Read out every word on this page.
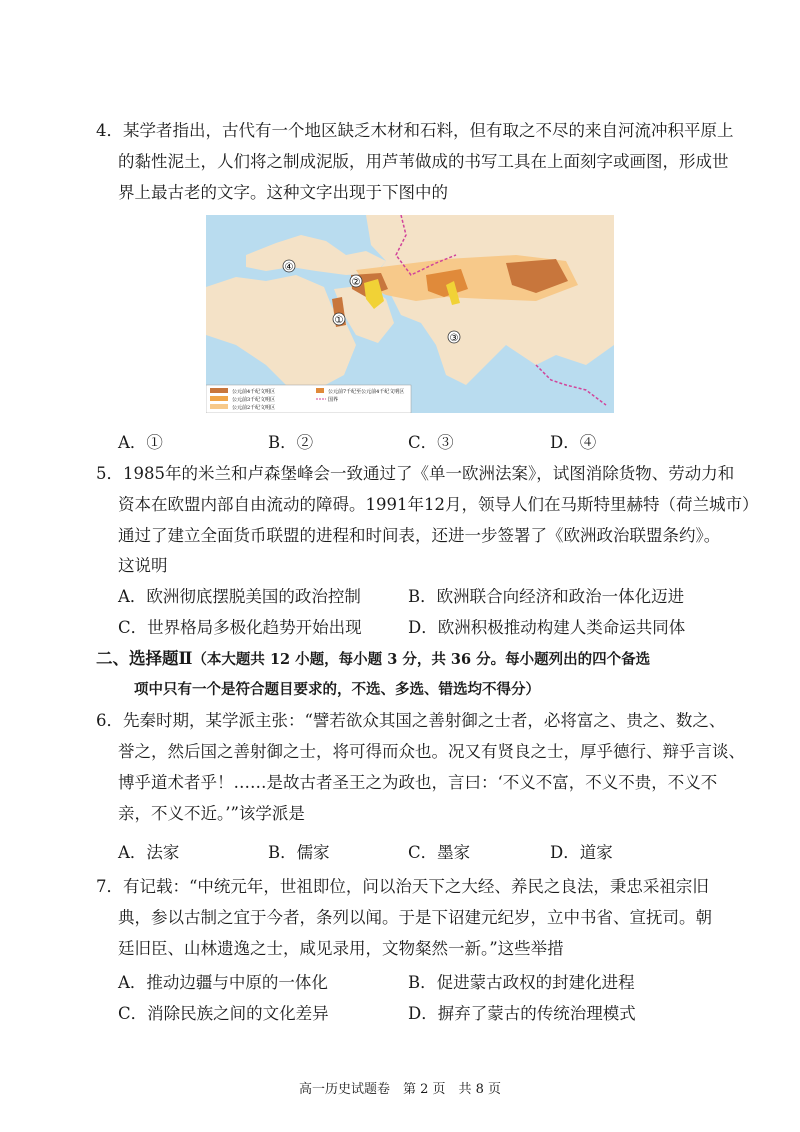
4．某学者指出，古代有一个地区缺乏木材和石料，但有取之不尽的来自河流冲积平原上
的黏性泥土，人们将之制成泥版，用芦苇做成的书写工具在上面刻字或画图，形成世
界上最古老的文字。这种文字出现于下图中的
①
②
③
④
公元前4千纪文明区	公元前7千纪至公元前4千纪文明区
公元前3千纪文明区	国界
公元前2千纪文明区
A．①	B．②	C．③	D．④
5．1985年的米兰和卢森堡峰会一致通过了《单一欧洲法案》，试图消除货物、劳动力和
资本在欧盟内部自由流动的障碍。1991年12月，领导人们在马斯特里赫特（荷兰城市）
通过了建立全面货币联盟的进程和时间表，还进一步签署了《欧洲政治联盟条约》。
这说明
A．欧洲彻底摆脱美国的政治控制	B．欧洲联合向经济和政治一体化迈进
C．世界格局多极化趋势开始出现	D．欧洲积极推动构建人类命运共同体
二、选择题Ⅱ（本大题共 12 小题，每小题 3 分，共 36 分。每小题列出的四个备选
项中只有一个是符合题目要求的，不选、多选、错选均不得分）
6．先秦时期，某学派主张：“譬若欲众其国之善射御之士者，必将富之、贵之、数之、
誉之，然后国之善射御之士，将可得而众也。况又有贤良之士，厚乎德行、辩乎言谈、
博乎道术者乎！……是故古者圣王之为政也，言曰：‘不义不富，不义不贵，不义不
亲，不义不近。’”该学派是
A．法家	B．儒家	C．墨家	D．道家
7．有记载：“中统元年，世祖即位，问以治天下之大经、养民之良法，秉忠采祖宗旧
典，参以古制之宜于今者，条列以闻。于是下诏建元纪岁，立中书省、宣抚司。朝
廷旧臣、山林遗逸之士，咸见录用，文物粲然一新。”这些举措
A．推动边疆与中原的一体化	B．促进蒙古政权的封建化进程
C．消除民族之间的文化差异	D．摒弃了蒙古的传统治理模式
高一历史试题卷　第 2 页　共 8 页
